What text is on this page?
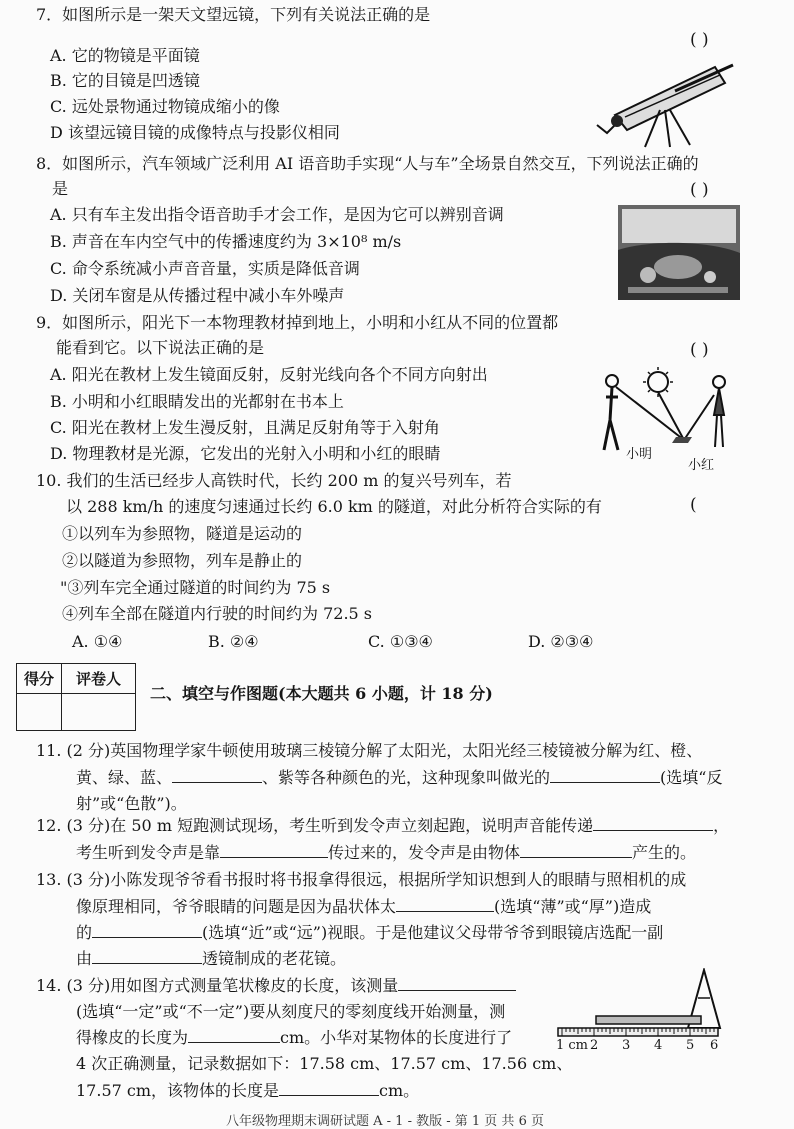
7．如图所示是一架天文望远镜，下列有关说法正确的是
( )
A. 它的物镜是平面镜
B. 它的目镜是凹透镜
C. 远处景物通过物镜成缩小的像
D 该望远镜目镜的成像特点与投影仪相同
8．如图所示，汽车领域广泛利用 AI 语音助手实现“人与车”全场景自然交互，下列说法正确的
是	( )
A. 只有车主发出指令语音助手才会工作，是因为它可以辨别音调
B. 声音在车内空气中的传播速度约为 3×10⁸ m/s
C. 命令系统减小声音音量，实质是降低音调
D. 关闭车窗是从传播过程中减小车外噪声
9．如图所示，阳光下一本物理教材掉到地上，小明和小红从不同的位置都
能看到它。以下说法正确的是	( )
A. 阳光在教材上发生镜面反射，反射光线向各个不同方向射出
B. 小明和小红眼睛发出的光都射在书本上
C. 阳光在教材上发生漫反射，且满足反射角等于入射角
D. 物理教材是光源，它发出的光射入小明和小红的眼睛	小明
小红
10. 我们的生活已经步人高铁时代，长约 200 m 的复兴号列车，若
(
以 288 km/h 的速度匀速通过长约 6.0 km 的隧道，对此分析符合实际的有
①以列车为参照物，隧道是运动的
②以隧道为参照物，列车是静止的
"③列车完全通过隧道的时间约为 75 s
④列车全部在隧道内行驶的时间约为 72.5 s
A. ①④	B. ②④	C. ①③④	D. ②③④
得分	评卷人

二、填空与作图题(本大题共 6 小题，计 18 分)
11. (2 分)英国物理学家牛顿使用玻璃三棱镜分解了太阳光，太阳光经三棱镜被分解为红、橙、
黄、绿、蓝、	、紫等各种颜色的光，这种现象叫做光的	(选填“反
射”或“色散”)。
12. (3 分)在 50 m 短跑测试现场，考生听到发令声立刻起跑，说明声音能传递	，
考生听到发令声是靠	传过来的，发令声是由物体	产生的。
13. (3 分)小陈发现爷爷看书报时将书报拿得很远，根据所学知识想到人的眼睛与照相机的成
像原理相同，爷爷眼睛的问题是因为晶状体太	(选填“薄”或“厚”)造成
的	(选填“近”或“远”)视眼。于是他建议父母带爷爷到眼镜店选配一副
由	透镜制成的老花镜。
14. (3 分)用如图方式测量笔状橡皮的长度，该测量
(选填“一定”或“不一定”)要从刻度尺的零刻度线开始测量，测
得橡皮的长度为	cm。小华对某物体的长度进行了
4 次正确测量，记录数据如下：17.58 cm、17.57 cm、17.56 cm、
17.57 cm，该物体的长度是	cm。
1 cm 2 3 4 5 6
八年级物理期末调研试题 A - 1 - 教版 - 第 1 页 共 6 页
